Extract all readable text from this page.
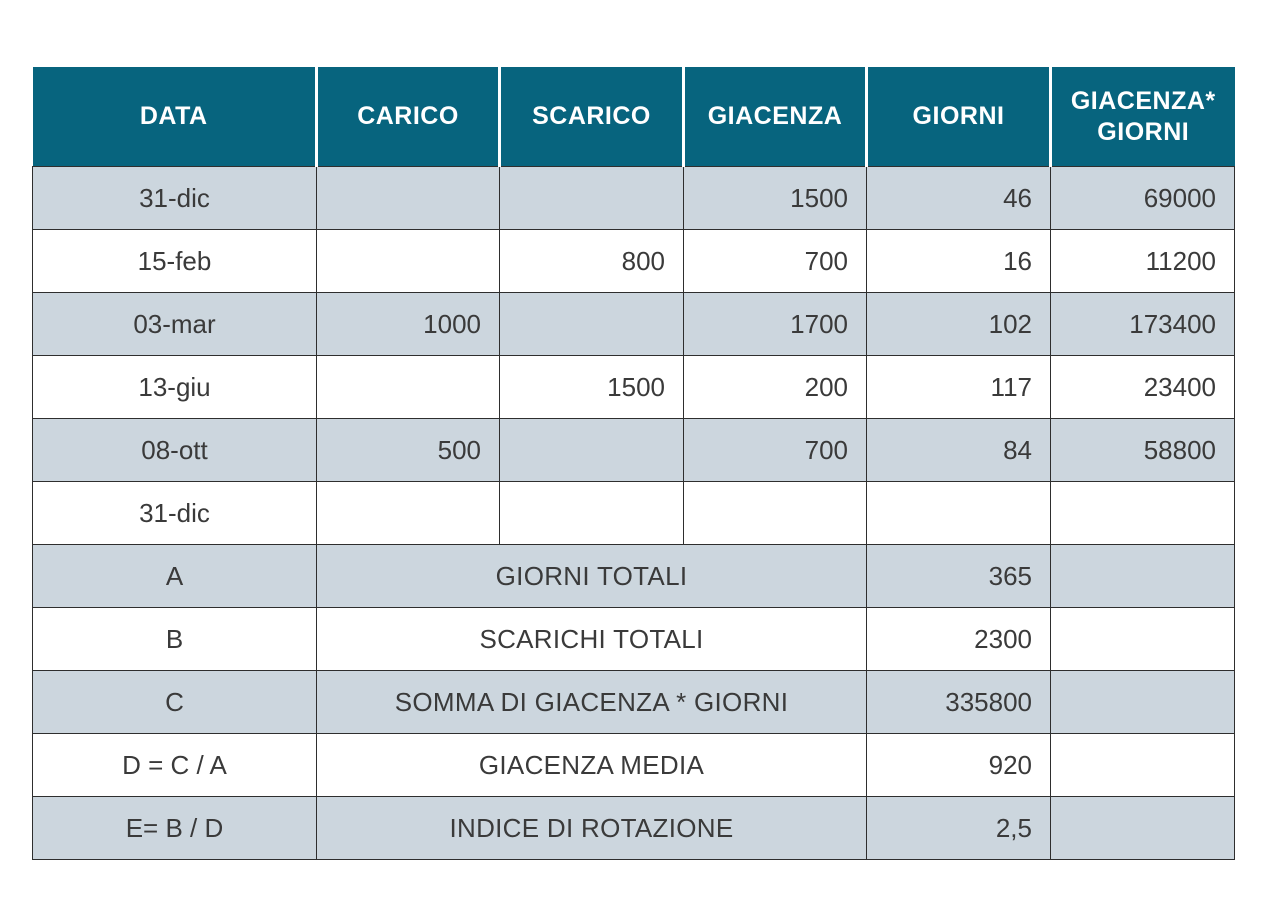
DATA	CARICO	SCARICO	GIACENZA	GIORNI	GIACENZA*
GIORNI
31-dic			1500	46	69000
15-feb		800	700	16	11200
03-mar	1000		1700	102	173400
13-giu		1500	200	117	23400
08-ott	500		700	84	58800
31-dic					
A	GIORNI TOTALI			365	
B	SCARICHI TOTALI			2300	
C	SOMMA DI GIACENZA * GIORNI			335800	
D = C / A	GIACENZA MEDIA			920	
E= B / D	INDICE DI ROTAZIONE			2,5	
